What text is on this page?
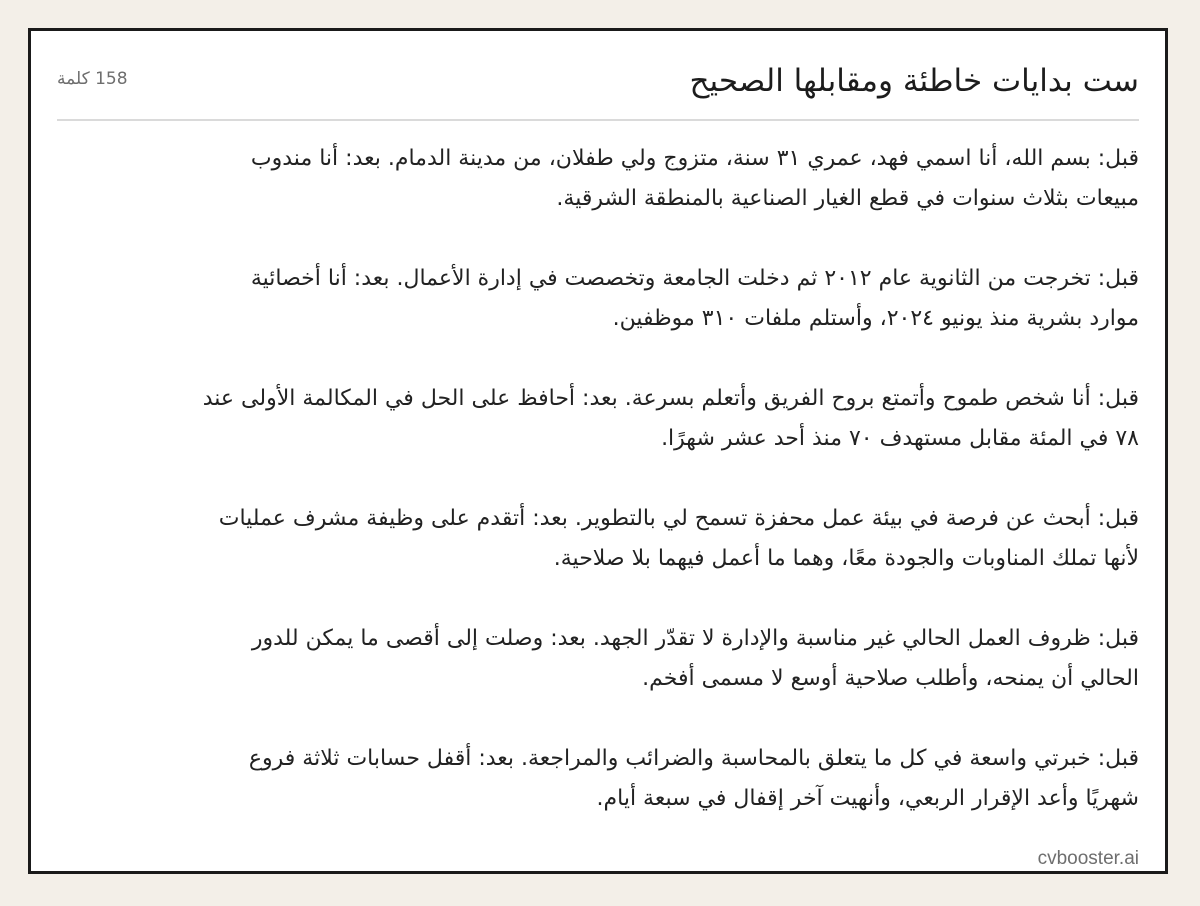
ست بدايات خاطئة ومقابلها الصحيح
158 كلمة

قبل: بسم الله، أنا اسمي فهد، عمري ٣١ سنة، متزوج ولي طفلان، من مدينة الدمام. بعد: أنا مندوب مبيعات بثلاث سنوات في قطع الغيار الصناعية بالمنطقة الشرقية.

قبل: تخرجت من الثانوية عام ٢٠١٢ ثم دخلت الجامعة وتخصصت في إدارة الأعمال. بعد: أنا أخصائية موارد بشرية منذ يونيو ٢٠٢٤، وأستلم ملفات ٣١٠ موظفين.

قبل: أنا شخص طموح وأتمتع بروح الفريق وأتعلم بسرعة. بعد: أحافظ على الحل في المكالمة الأولى عند ٧٨ في المئة مقابل مستهدف ٧٠ منذ أحد عشر شهرًا.

قبل: أبحث عن فرصة في بيئة عمل محفزة تسمح لي بالتطوير. بعد: أتقدم على وظيفة مشرف عمليات لأنها تملك المناوبات والجودة معًا، وهما ما أعمل فيهما بلا صلاحية.

قبل: ظروف العمل الحالي غير مناسبة والإدارة لا تقدّر الجهد. بعد: وصلت إلى أقصى ما يمكن للدور الحالي أن يمنحه، وأطلب صلاحية أوسع لا مسمى أفخم.

قبل: خبرتي واسعة في كل ما يتعلق بالمحاسبة والضرائب والمراجعة. بعد: أقفل حسابات ثلاثة فروع شهريًا وأعد الإقرار الربعي، وأنهيت آخر إقفال في سبعة أيام.

cvbooster.ai
